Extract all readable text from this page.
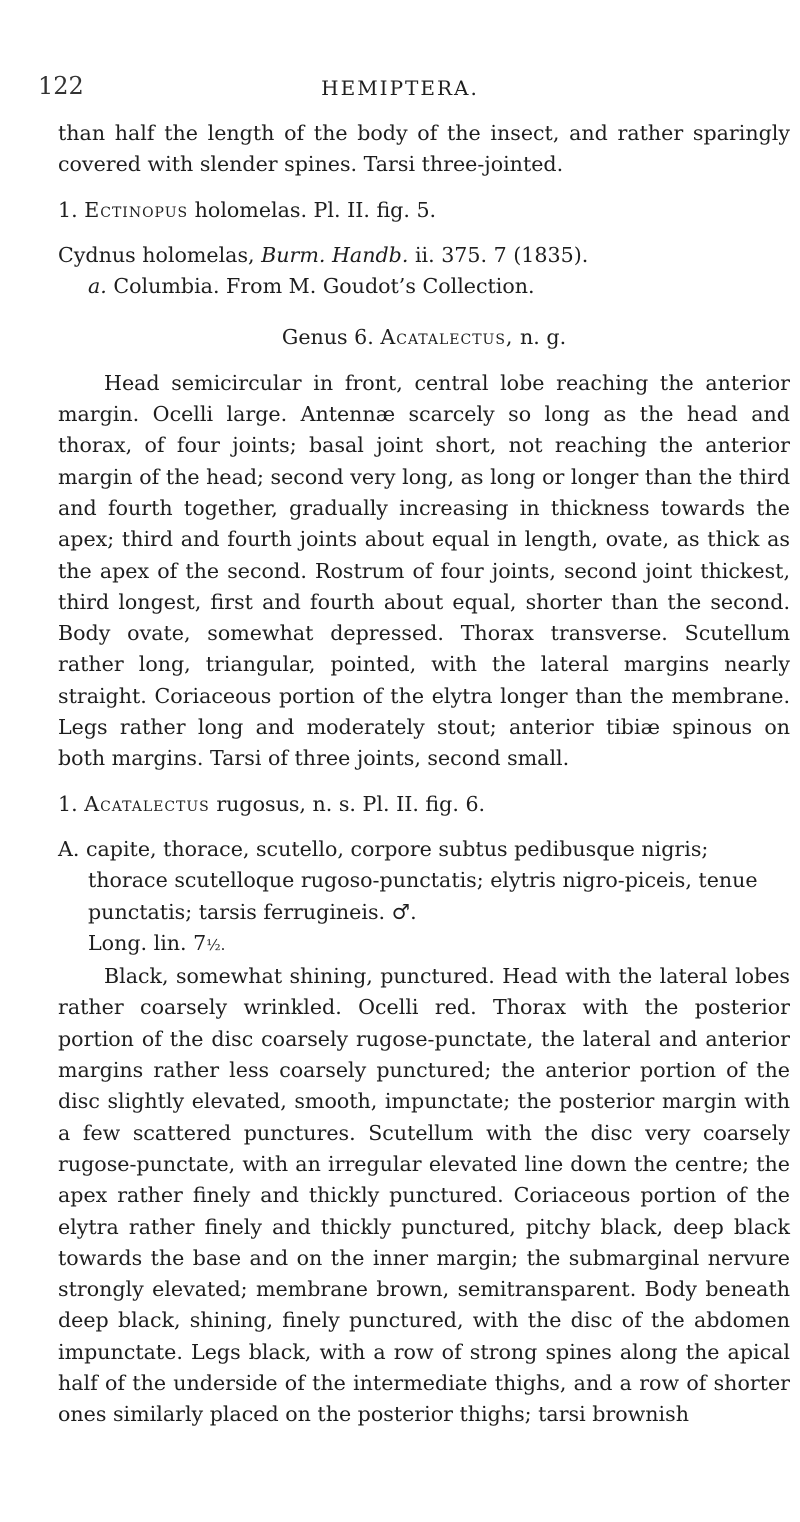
122	HEMIPTERA.

than half the length of the body of the insect, and rather sparingly covered with slender spines. Tarsi three-jointed.

1. Ectinopus holomelas. Pl. II. fig. 5.

Cydnus holomelas, Burm. Handb. ii. 375. 7 (1835).

a. Columbia. From M. Goudot’s Collection.

Genus 6. Acatalectus, n. g.

Head semicircular in front, central lobe reaching the anterior margin. Ocelli large. Antennæ scarcely so long as the head and thorax, of four joints; basal joint short, not reaching the anterior margin of the head; second very long, as long or longer than the third and fourth together, gradually increasing in thickness towards the apex; third and fourth joints about equal in length, ovate, as thick as the apex of the second. Rostrum of four joints, second joint thickest, third longest, first and fourth about equal, shorter than the second. Body ovate, somewhat depressed. Thorax transverse. Scutellum rather long, triangular, pointed, with the lateral margins nearly straight. Coriaceous portion of the elytra longer than the membrane. Legs rather long and moderately stout; anterior tibiæ spinous on both margins. Tarsi of three joints, second small.

1. Acatalectus rugosus, n. s. Pl. II. fig. 6.

A. capite, thorace, scutello, corpore subtus pedibusque nigris; thorace scutelloque rugoso-punctatis; elytris nigro-piceis, tenue punctatis; tarsis ferrugineis. ♂.
Long. lin. 7½.

Black, somewhat shining, punctured. Head with the lateral lobes rather coarsely wrinkled. Ocelli red. Thorax with the posterior portion of the disc coarsely rugose-punctate, the lateral and anterior margins rather less coarsely punctured; the anterior portion of the disc slightly elevated, smooth, impunctate; the posterior margin with a few scattered punctures. Scutellum with the disc very coarsely rugose-punctate, with an irregular elevated line down the centre; the apex rather finely and thickly punctured. Coriaceous portion of the elytra rather finely and thickly punctured, pitchy black, deep black towards the base and on the inner margin; the submarginal nervure strongly elevated; membrane brown, semitransparent. Body beneath deep black, shining, finely punctured, with the disc of the abdomen impunctate. Legs black, with a row of strong spines along the apical half of the underside of the intermediate thighs, and a row of shorter ones similarly placed on the posterior thighs; tarsi brownish
